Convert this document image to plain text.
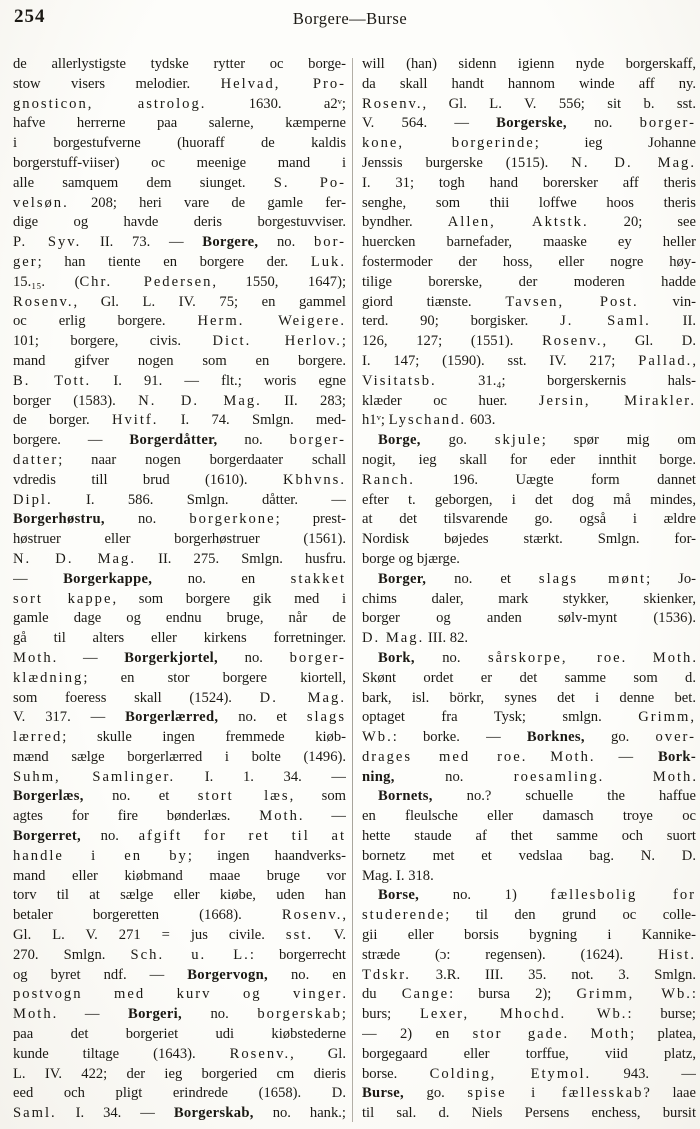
254	Borgere—Burse
de allerlystigste tydske rytter oc borge-
stow visers melodier. Helvad, Pro-
gnosticon, astrolog. 1630. a2ᵛ;
hafve herrerne paa salerne, kæmperne
i borgestufverne (huoraff de kaldis
borgerstuff-viiser) oc meenige mand i
alle samquem dem siunget. S. Po-
velsøn. 208; heri vare de gamle fer-
dige og havde deris borgestuvviser.
P. Syv. II. 73. — Borgere, no. bor-
ger; han tiente en borgere der. Luk.
15.₁₅. (Chr. Pedersen, 1550, 1647);
Rosenv., Gl. L. IV. 75; en gammel
oc erlig borgere. Herm. Weigere.
101; borgere, civis. Dict. Herlov.;
mand gifver nogen som en borgere.
B. Tott. I. 91. — flt.; woris egne
borger (1583). N. D. Mag. II. 283;
de borger. Hvitf. I. 74. Smlgn. med-
borgere. — Borgerdåtter, no. borger-
datter; naar nogen borgerdaater schall
vdredis till brud (1610). Kbhvns.
Dipl. I. 586. Smlgn. dåtter. —
Borgerhøstru, no. borgerkone; prest-
høstruer eller borgerhøstruer (1561).
N. D. Mag. II. 275. Smlgn. husfru.
— Borgerkappe, no. en stakket
sort kappe, som borgere gik med i
gamle dage og endnu bruge, når de
gå til alters eller kirkens forretninger.
Moth. — Borgerkjortel, no. borger-
klædning; en stor borgere kiortell,
som foeress skall (1524). D. Mag.
V. 317. — Borgerlærred, no. et slags
lærred; skulle ingen fremmede kiøb-
mænd sælge borgerlærred i bolte (1496).
Suhm, Samlinger. I. 1. 34. —
Borgerlæs, no. et stort læs, som
agtes for fire bønderlæs. Moth. —
Borgerret, no. afgift for ret til at
handle i en by; ingen haandverks-
mand eller kiøbmand maae bruge vor
torv til at sælge eller kiøbe, uden han
betaler borgeretten (1668). Rosenv.,
Gl. L. V. 271 = jus civile. sst. V.
270. Smlgn. Sch. u. L.: borgerrecht
og byret ndf. — Borgervogn, no. en
postvogn med kurv og vinger.
Moth. — Borgeri, no. borgerskab;
paa det borgeriet udi kiøbstederne
kunde tiltage (1643). Rosenv., Gl.
L. IV. 422; der ieg borgeried cm dieris
eed och pligt erindrede (1658). D.
Saml. I. 34. — Borgerskab, no. hank.;
will (han) sidenn igienn nyde borgerskaff,
da skall handt hannom winde aff ny.
Rosenv., Gl. L. V. 556; sit b. sst.
V. 564. — Borgerske, no. borger-
kone, borgerinde; ieg Johanne
Jenssis burgerske (1515). N. D. Mag.
I. 31; togh hand borersker aff theris
senghe, som thii loffwe hoos theris
byndher. Allen, Aktstk. 20; see
huercken barnefader, maaske ey heller
fostermoder der hoss, eller nogre høy-
tilige borerske, der moderen hadde
giord tiænste. Tavsen, Post. vin-
terd. 90; borgisker. J. Saml. II.
126, 127; (1551). Rosenv., Gl. D.
I. 147; (1590). sst. IV. 217; Pallad.,
Visitatsb. 31.₄; borgerskernis hals-
klæder oc huer. Jersin, Mirakler.
h1ᵛ; Lyschand. 603.
Borge, go. skjule; spør mig om
nogit, ieg skall for eder innthit borge.
Ranch. 196. Uægte form dannet
efter t. geborgen, i det dog må mindes,
at det tilsvarende go. også i ældre
Nordisk bøjedes stærkt. Smlgn. for-
borge og bjærge.
Borger, no. et slags mønt; Jo-
chims daler, mark stykker, skienker,
borger og anden sølv-mynt (1536).
D. Mag. III. 82.
Bork, no. sårskorpe, roe. Moth.
Skønt ordet er det samme som d.
bark, isl. börkr, synes det i denne bet.
optaget fra Tysk; smlgn. Grimm,
Wb.: borke. — Borknes, go. over-
drages med roe. Moth. — Bork-
ning, no. roesamling. Moth.
Bornets, no.? schuelle the haffue
en fleulsche eller damasch troye oc
hette staude af thet samme och suort
bornetz met et vedslaa bag. N. D.
Mag. I. 318.
Borse, no. 1) fællesbolig for
studerende; til den grund oc colle-
gii eller borsis bygning i Kannike-
stræde (ɔ: regensen). (1624). Hist.
Tdskr. 3.R. III. 35. not. 3. Smlgn.
du Cange: bursa 2); Grimm, Wb.:
burs; Lexer, Mhochd. Wb.: burse;
— 2) en stor gade. Moth; platea,
borgegaard eller torffue, viid platz,
borse. Colding, Etymol. 943. —
Burse, go. spise i fællesskab? laae
til sal. d. Niels Persens enchess, bursit
